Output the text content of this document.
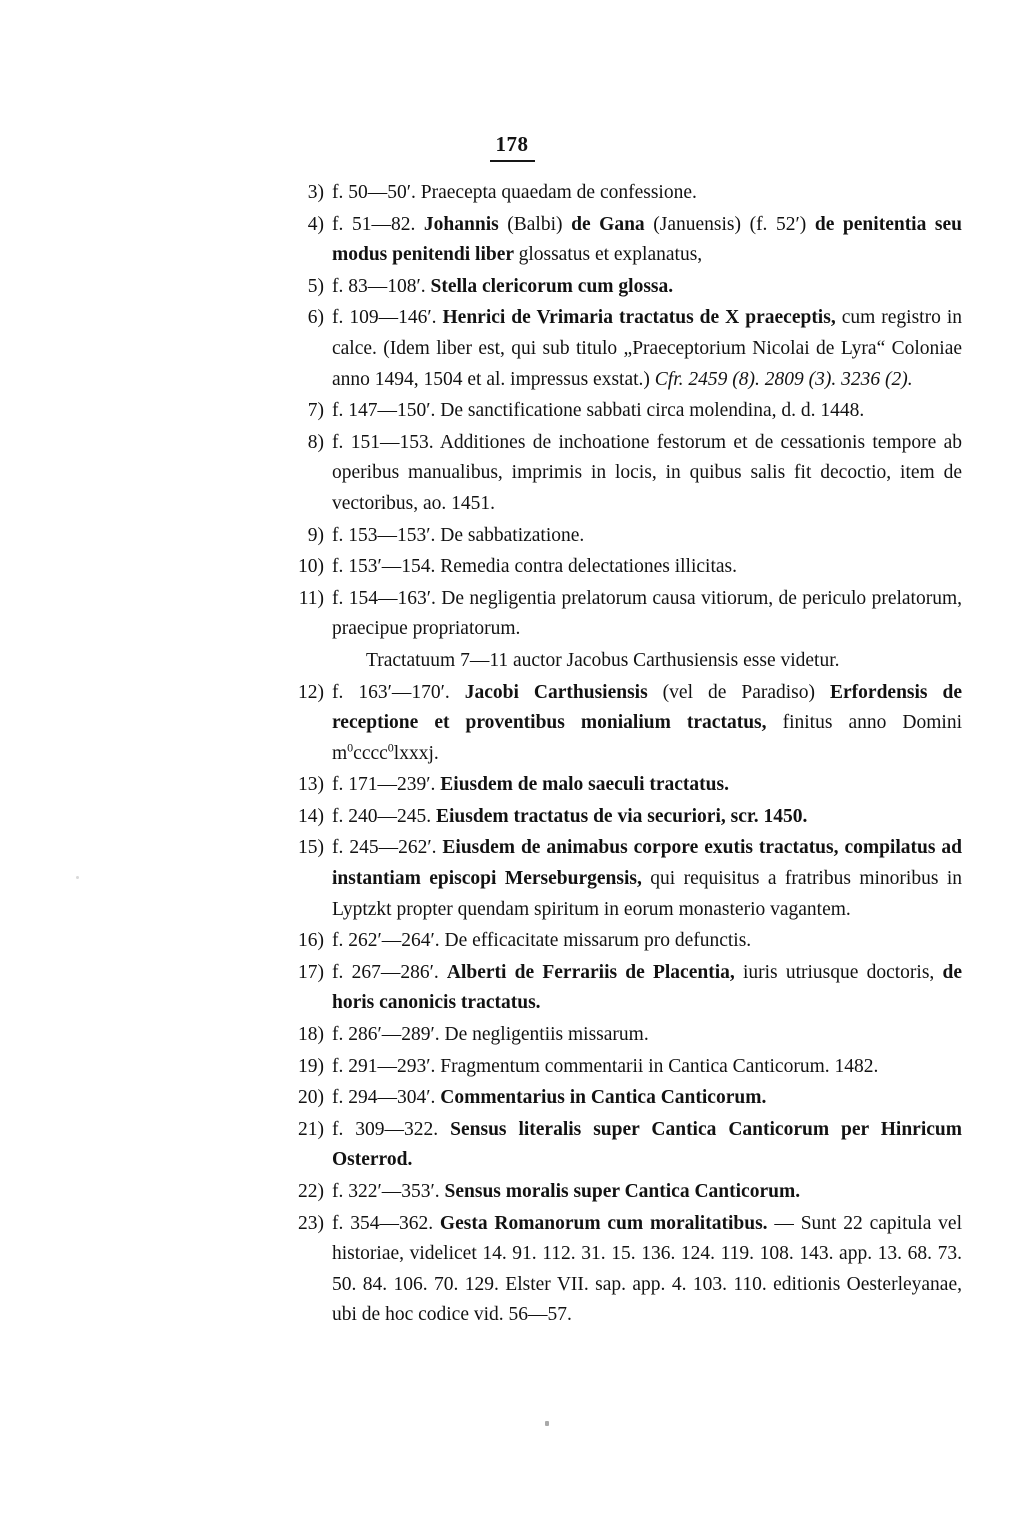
178
3) f. 50—50′. Praecepta quaedam de confessione.
4) f. 51—82. Johannis (Balbi) de Gana (Januensis) (f. 52′) de penitentia seu modus penitendi liber glossatus et explanatus,
5) f. 83—108′. Stella clericorum cum glossa.
6) f. 109—146′. Henrici de Vrimaria tractatus de X praeceptis, cum registro in calce. (Idem liber est, qui sub titulo „Praeceptorium Nicolai de Lyra“ Coloniae anno 1494, 1504 et al. impressus exstat.) Cfr. 2459 (8). 2809 (3). 3236 (2).
7) f. 147—150′. De sanctificatione sabbati circa molendina, d. d. 1448.
8) f. 151—153. Additiones de inchoatione festorum et de cessationis tempore ab operibus manualibus, imprimis in locis, in quibus salis fit decoctio, item de vectoribus, ao. 1451.
9) f. 153—153′. De sabbatizatione.
10) f. 153′—154. Remedia contra delectationes illicitas.
11) f. 154—163′. De negligentia prelatorum causa vitiorum, de periculo prelatorum, praecipue propriatorum.
Tractatuum 7—11 auctor Jacobus Carthusiensis esse videtur.
12) f. 163′—170′. Jacobi Carthusiensis (vel de Paradiso) Erfordensis de receptione et proventibus monialium tractatus, finitus anno Domini $m^0cccc^0lxxxj$.
13) f. 171—239′. Eiusdem de malo saeculi tractatus.
14) f. 240—245. Eiusdem tractatus de via securiori, scr. 1450.
15) f. 245—262′. Eiusdem de animabus corpore exutis tractatus, compilatus ad instantiam episcopi Merseburgensis, qui requisitus a fratribus minoribus in Lyptzkt propter quendam spiritum in eorum monasterio vagantem.
16) f. 262′—264′. De efficacitate missarum pro defunctis.
17) f. 267—286′. Alberti de Ferrariis de Placentia, iuris utriusque doctoris, de horis canonicis tractatus.
18) f. 286′—289′. De negligentiis missarum.
19) f. 291—293′. Fragmentum commentarii in Cantica Canticorum. 1482.
20) f. 294—304′. Commentarius in Cantica Canticorum.
21) f. 309—322. Sensus literalis super Cantica Canticorum per Hinricum Osterrod.
22) f. 322′—353′. Sensus moralis super Cantica Canticorum.
23) f. 354—362. Gesta Romanorum cum moralitatibus. — Sunt 22 capitula vel historiae, videlicet 14. 91. 112. 31. 15. 136. 124. 119. 108. 143. app. 13. 68. 73. 50. 84. 106. 70. 129. Elster VII. sap. app. 4. 103. 110. editionis Oesterleyanae, ubi de hoc codice vid. 56—57.
